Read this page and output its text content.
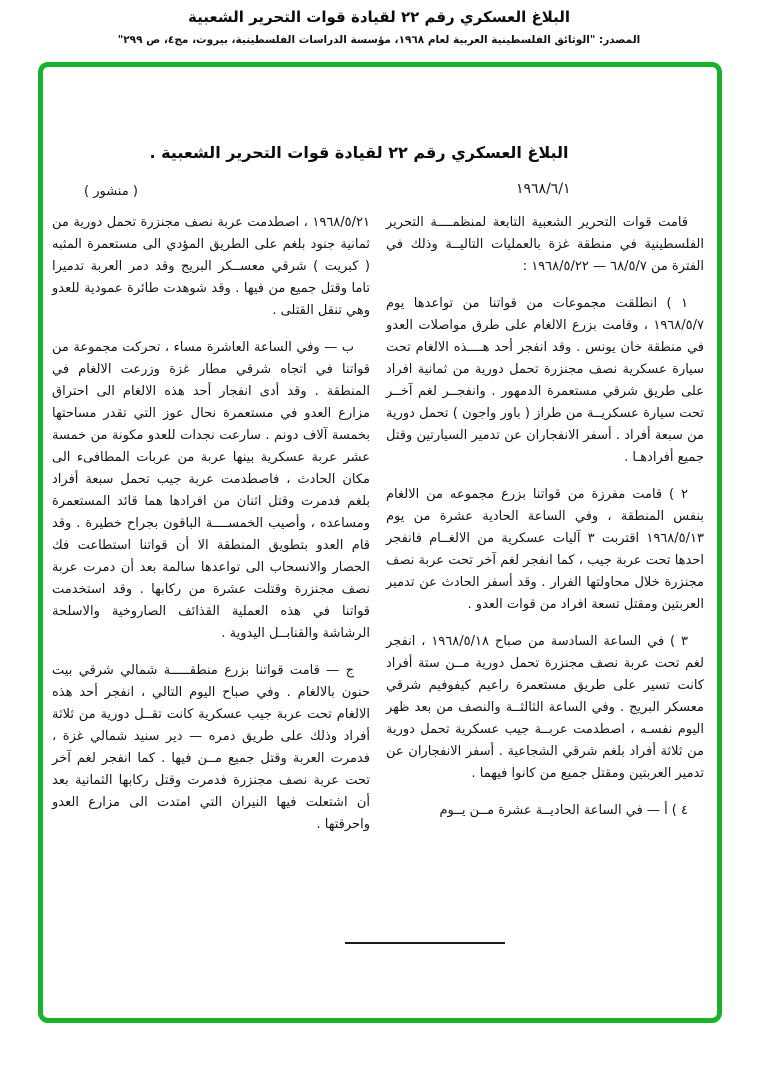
البلاغ العسكري رقم ٢٢ لقيادة قوات التحرير الشعبية
المصدر: "الوثائق الفلسطينية العربية لعام ١٩٦٨، مؤسسة الدراسات الفلسطينية، بيروت، مج٤، ص ٢٩٩"
البلاغ العسكري رقم ٢٢ لقيادة قوات التحرير الشعبية .
١٩٦٨/٦/١
( منشور )

قامت قوات التحرير الشعبية التابعة لمنظمــــة التحرير الفلسطينية في منطقة غزة بالعمليات التاليــة وذلك في الفترة من ٦٨/٥/٧ — ١٩٦٨/٥/٢٢ :

١ ) انطلقت مجموعات من قواتنا من تواعدها يوم ١٩٦٨/٥/٧ ، وقامت بزرع الالغام على طرق مواصلات العدو في منطقة خان يونس . وقد انفجر أحد هــــذه الالغام تحت سيارة عسكرية نصف مجنزرة تحمل دورية من ثمانية افراد على طريق شرقي مستعمرة الدمهور . وانفجــر لغم آخــر تحت سيارة عسكريــة من طراز ( باور واجون ) تحمل دورية من سبعة أفراد . أسفر الانفجاران عن تدمير السيارتين وقتل جميع أفرادهـا .

٢ ) قامت مفرزة من قواتنا بزرع مجموعه من الالغام بنفس المنطقة ، وفي الساعة الحادية عشرة من يوم ١٩٦٨/٥/١٣ اقتربت ٣ آليات عسكرية من الالغــام فانفجر احدها تحت عربة جيب ، كما انفجر لغم آخر تحت عربة نصف مجنزرة خلال محاولتها الفرار . وقد أسفر الحادث عن تدمير العربتين ومقتل تسعة افراد من قوات العدو .

٣ ) في الساعة السادسة من صباح ١٩٦٨/٥/١٨ ، انفجر لغم تحت عربة نصف مجنزرة تحمل دورية مــن ستة أفراد كانت تسير على طريق مستعمرة راعيم كيفوفيم شرقي معسكر البريج . وفي الساعة الثالثــة والنصف من بعد ظهر اليوم نفسـه ، اصطدمت عربــة جيب عسكرية تحمل دورية من ثلاثة أفراد بلغم شرقي الشجاعية . أسفر الانفجاران عن تدمير العربتين ومقتل جميع من كانوا فيهما .

٤ ) أ — في الساعة الحاديــة عشرة مــن يــوم

١٩٦٨/٥/٢١ ، اصطدمت عربة نصف مجنزرة تحمل دورية من ثمانية جنود بلغم على الطريق المؤدي الى مستعمرة المثبه ( كبريت ) شرقي معســكر البريج وقد دمر العربة تدميرا تاما وقتل جميع من فيها . وقد شوهدت طائرة عمودية للعدو وهي تنقل القتلى .

ب — وفي الساعة العاشرة مساء ، تحركت مجموعة من قواتنا في اتجاه شرقي مطار غزة وزرعت الالغام في المنطقة . وقد أدى انفجار أحد هذه الالغام الى احتراق مزارع العدو في مستعمرة نحال عوز التي تقدر مساحتها بخمسة آلاف دونم . سارعت نجدات للعدو مكونة من خمسة عشر عربة عسكرية بينها عربة من عربات المطافىء الى مكان الحادث ، فاصطدمت عربة جيب تحمل سبعة أفراد بلغم فدمرت وقتل اثنان من افرادها هما قائد المستعمرة ومساعده ، وأصيب الخمســــة الباقون بجراح خطيرة . وقد قام العدو بتطويق المنطقة الا أن قواتنا استطاعت فك الحصار والانسحاب الى تواعدها سالمة بعد أن دمرت عربة نصف مجنزرة وقتلت عشرة من ركابها . وقد استخدمت قواتنا في هذه العملية القذائف الصاروخية والاسلحة الرشاشة والقنابــل اليدوية .

ج — قامت قواتنا بزرع منطقـــــة شمالي شرقي بيت حنون بالالغام . وفي صباح اليوم التالي ، انفجر أحد هذه الالغام تحت عربة جيب عسكرية كانت تقــل دورية من ثلاثة أفراد وذلك على طريق دمره — دير سنيد شمالي غزة ، فدمرت العربة وقتل جميع مــن فيها . كما انفجر لغم آخر تحت عربة نصف مجنزرة فدمرت وقتل ركابها الثمانية بعد أن اشتعلت فيها النيران التي امتدت الى مزارع العدو واحرقتها .
